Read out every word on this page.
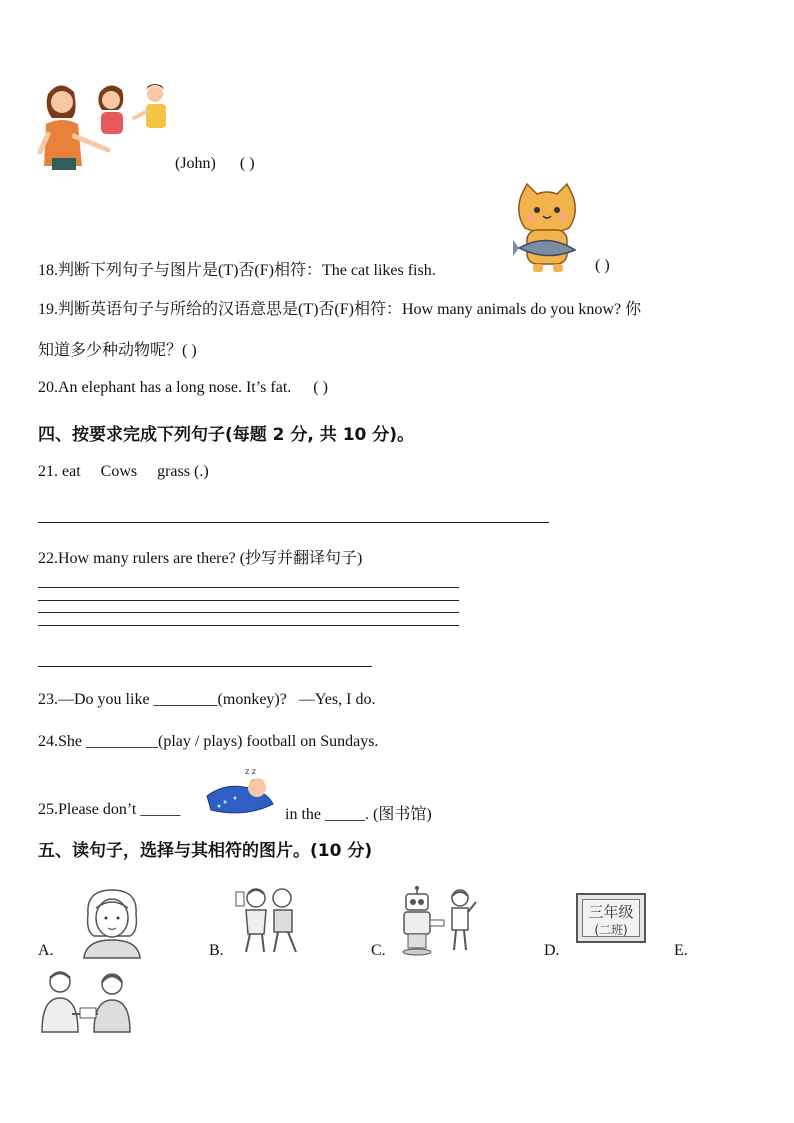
(John) ( )
18.判断下列句子与图片是(T)否(F)相符：The cat likes fish.	( )
19.判断英语句子与所给的汉语意思是(T)否(F)相符：How many animals do you know? 你
知道多少种动物呢？( )
20.An elephant has a long nose. It’s fat. ( )
四、按要求完成下列句子(每题 2 分, 共 10 分)。
21. eat     Cows     grass (.)
22.How many rulers are there? (抄写并翻译句子)
23.—Do you like ________(monkey)?   —Yes, I do.
24.She _________(play / plays) football on Sundays.
z z
25.Please don’t _____	in the _____. (图书馆)
五、读句子，选择与其相符的图片。(10 分)
A.	B.	C.
三年级
(二班)
D.	E.
